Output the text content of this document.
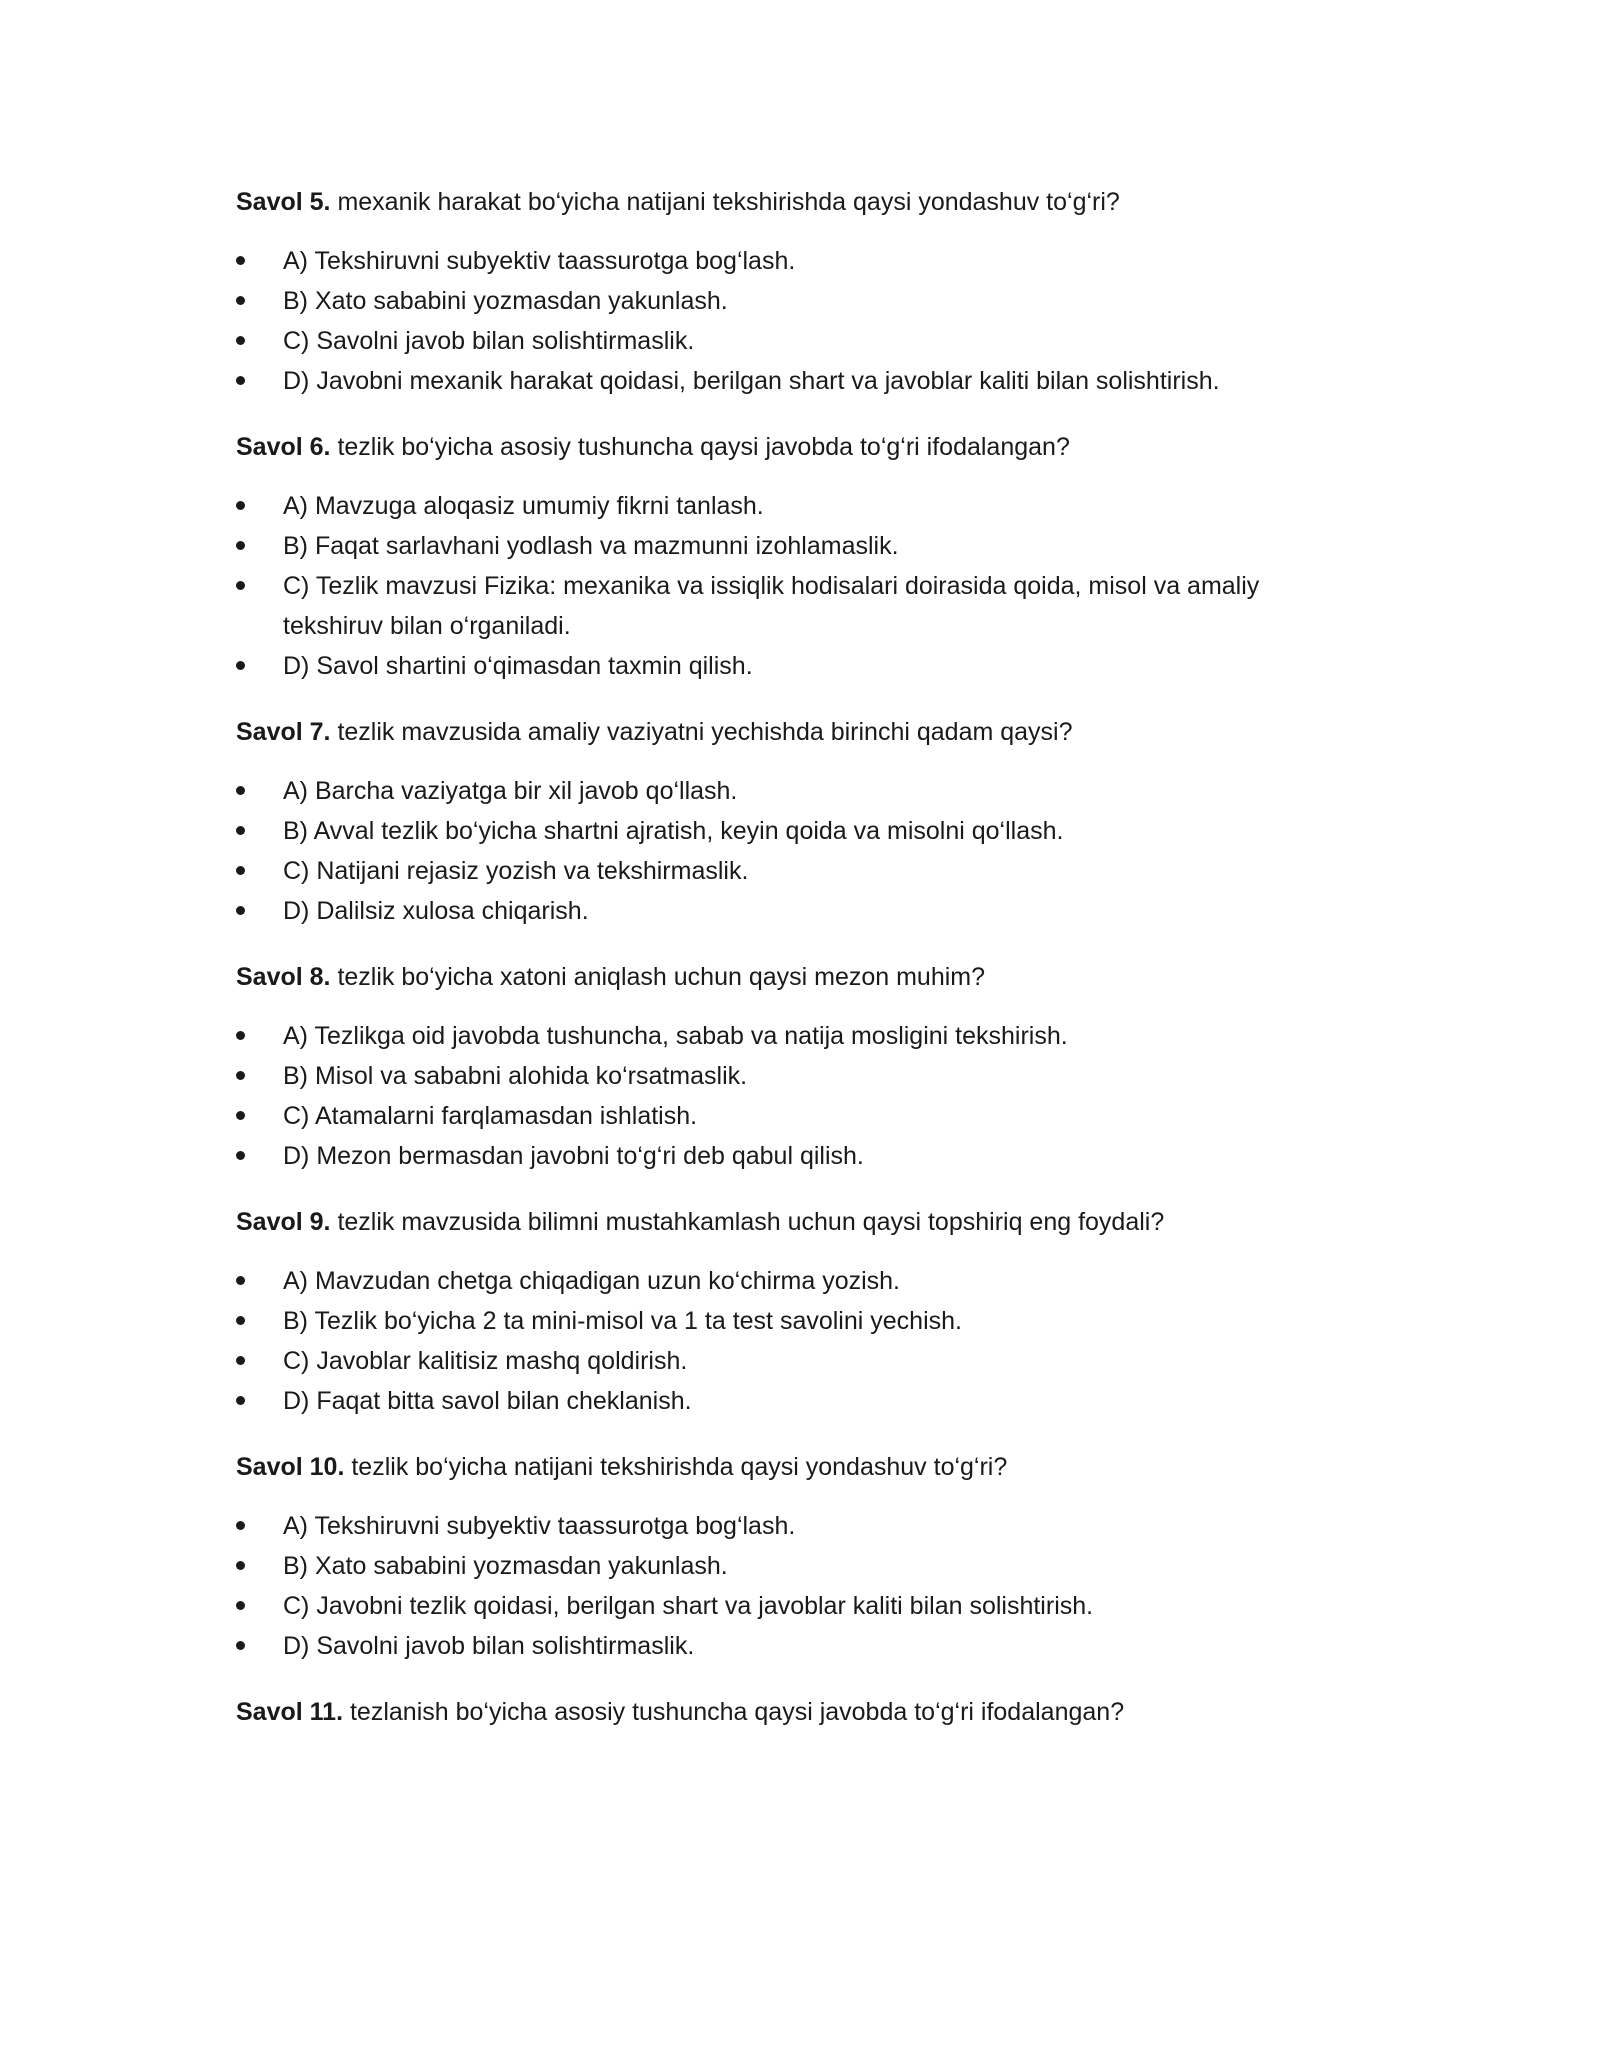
Savol 5. mexanik harakat bo‘yicha natijani tekshirishda qaysi yondashuv to‘g‘ri?

A) Tekshiruvni subyektiv taassurotga bog‘lash.
B) Xato sababini yozmasdan yakunlash.
C) Savolni javob bilan solishtirmaslik.
D) Javobni mexanik harakat qoidasi, berilgan shart va javoblar kaliti bilan solishtirish.

Savol 6. tezlik bo‘yicha asosiy tushuncha qaysi javobda to‘g‘ri ifodalangan?

A) Mavzuga aloqasiz umumiy fikrni tanlash.
B) Faqat sarlavhani yodlash va mazmunni izohlamaslik.
C) Tezlik mavzusi Fizika: mexanika va issiqlik hodisalari doirasida qoida, misol va amaliy tekshiruv bilan o‘rganiladi.
D) Savol shartini o‘qimasdan taxmin qilish.

Savol 7. tezlik mavzusida amaliy vaziyatni yechishda birinchi qadam qaysi?

A) Barcha vaziyatga bir xil javob qo‘llash.
B) Avval tezlik bo‘yicha shartni ajratish, keyin qoida va misolni qo‘llash.
C) Natijani rejasiz yozish va tekshirmaslik.
D) Dalilsiz xulosa chiqarish.

Savol 8. tezlik bo‘yicha xatoni aniqlash uchun qaysi mezon muhim?

A) Tezlikga oid javobda tushuncha, sabab va natija mosligini tekshirish.
B) Misol va sababni alohida ko‘rsatmaslik.
C) Atamalarni farqlamasdan ishlatish.
D) Mezon bermasdan javobni to‘g‘ri deb qabul qilish.

Savol 9. tezlik mavzusida bilimni mustahkamlash uchun qaysi topshiriq eng foydali?

A) Mavzudan chetga chiqadigan uzun ko‘chirma yozish.
B) Tezlik bo‘yicha 2 ta mini-misol va 1 ta test savolini yechish.
C) Javoblar kalitisiz mashq qoldirish.
D) Faqat bitta savol bilan cheklanish.

Savol 10. tezlik bo‘yicha natijani tekshirishda qaysi yondashuv to‘g‘ri?

A) Tekshiruvni subyektiv taassurotga bog‘lash.
B) Xato sababini yozmasdan yakunlash.
C) Javobni tezlik qoidasi, berilgan shart va javoblar kaliti bilan solishtirish.
D) Savolni javob bilan solishtirmaslik.

Savol 11. tezlanish bo‘yicha asosiy tushuncha qaysi javobda to‘g‘ri ifodalangan?
